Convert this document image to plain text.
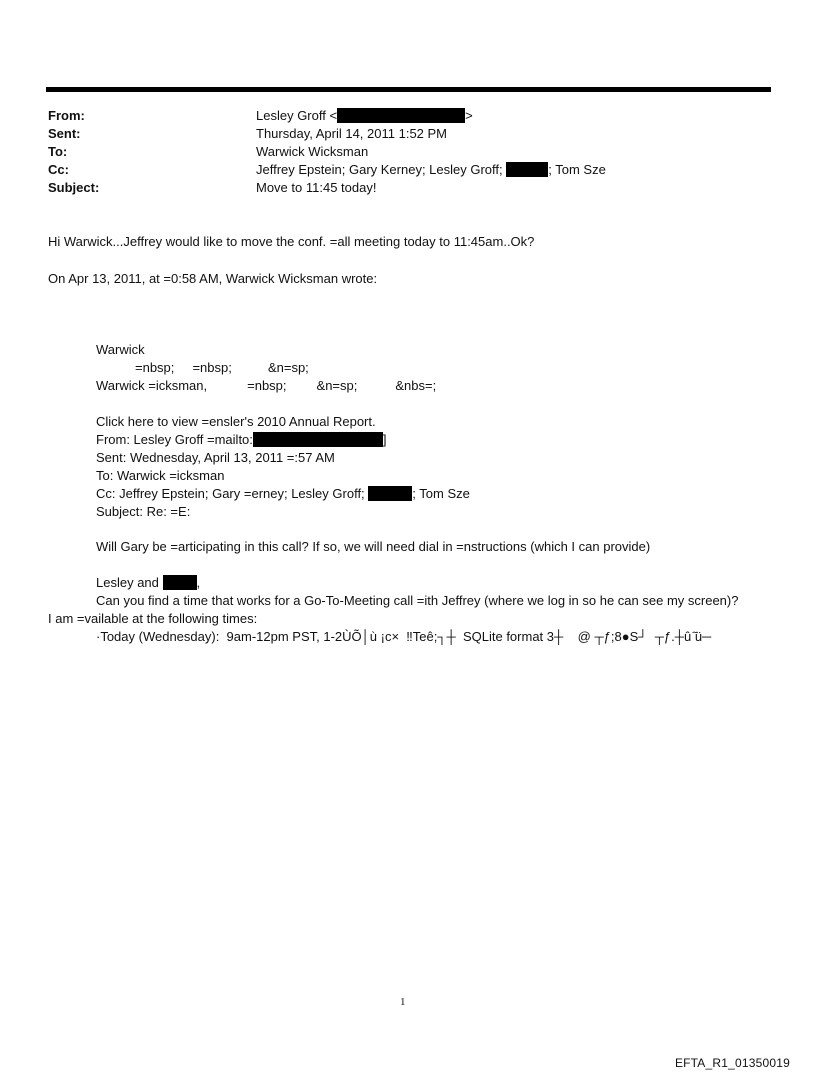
From:	Lesley Groff <	>
Sent:	Thursday, April 14, 2011 1:52 PM
To:	Warwick Wicksman
Cc:	Jeffrey Epstein; Gary Kerney; Lesley Groff;	; Tom Sze
Subject:	Move to 11:45 today!
Hi Warwick...Jeffrey would like to move the conf. =all meeting today to 11:45am..Ok?
On Apr 13, 2011, at =0:58 AM, Warwick Wicksman wrote:
Warwick
=nbsp;     =nbsp;          &n=sp;
Warwick =icksman,	=nbsp; &n=sp;	&nbs=;
Click here to view =ensler's 2010 Annual Report.
From: Lesley Groff =mailto:	]
Sent: Wednesday, April 13, 2011 =:57 AM
To: Warwick =icksman
Cc: Jeffrey Epstein; Gary =erney; Lesley Groff;	; Tom Sze
Subject: Re: =E:
Will Gary be =articipating in this call? If so, we will need dial in =nstructions (which I can provide)
Lesley and	,
Can you find a time that works for a Go-To-Meeting call =ith Jeffrey (where we log in so he can see my screen)?
I am =vailable at the following times:
·Today (Wednesday):  9am-12pm PST, 1-2ÙÕ│ù ¡c×  ‼Teê;┐┼  SQLite format 3┼    @ ┬ƒ;8●S┘  ┬ƒ.┼û ᷉ü─
1
EFTA_R1_01350019
